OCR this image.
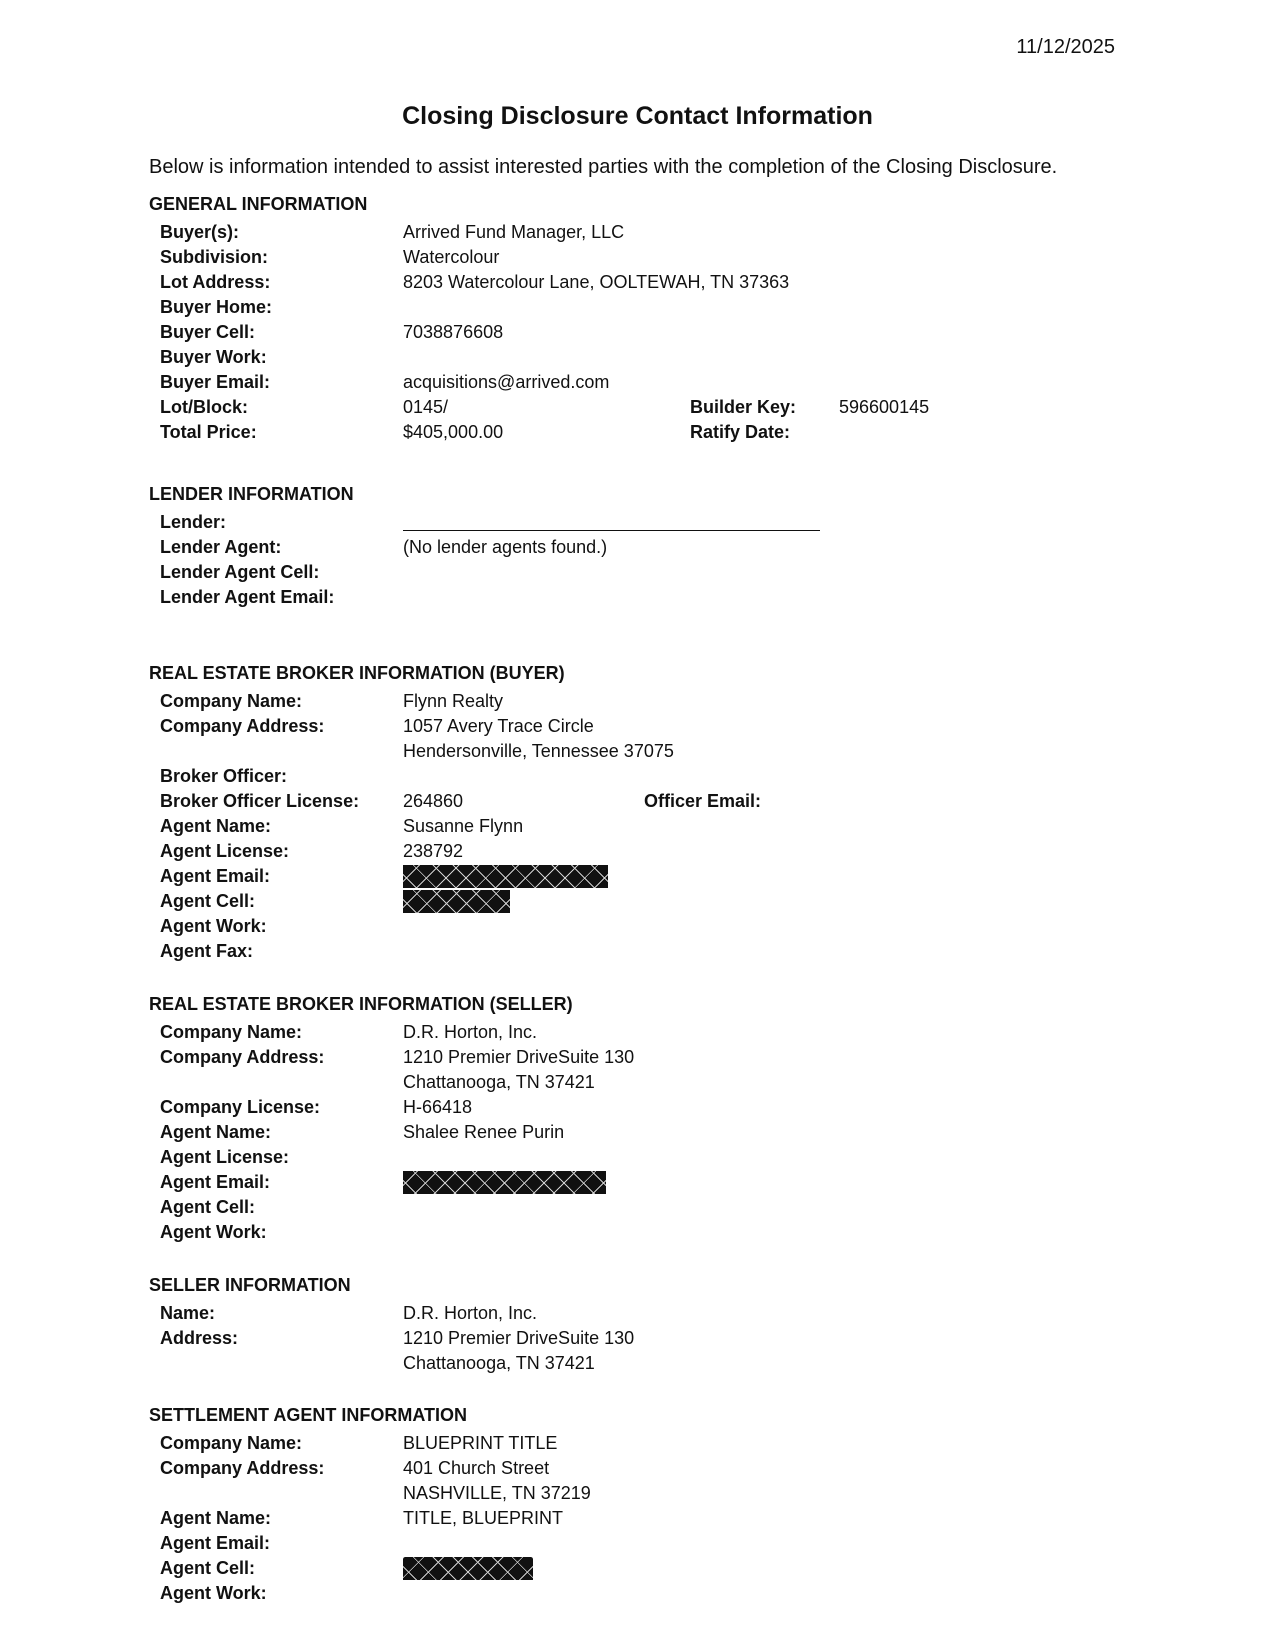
11/12/2025
Closing Disclosure Contact Information
Below is information intended to assist interested parties with the completion of the Closing Disclosure.
GENERAL INFORMATION
Buyer(s):	Arrived Fund Manager, LLC
Subdivision:	Watercolour
Lot Address:	8203 Watercolour Lane, OOLTEWAH, TN 37363
Buyer Home:
Buyer Cell:	7038876608
Buyer Work:
Buyer Email:	acquisitions@arrived.com
Lot/Block:	0145/	Builder Key: 596600145
Total Price:	$405,000.00	Ratify Date:
LENDER INFORMATION
Lender:
Lender Agent:	(No lender agents found.)
Lender Agent Cell:
Lender Agent Email:
REAL ESTATE BROKER INFORMATION (BUYER)
Company Name:	Flynn Realty
Company Address:	1057 Avery Trace Circle
Hendersonville, Tennessee 37075
Broker Officer:
Broker Officer License: 264860	Officer Email:
Agent Name:	Susanne Flynn
Agent License:	238792
Agent Email:
Agent Cell:
Agent Work:
Agent Fax:
REAL ESTATE BROKER INFORMATION (SELLER)
Company Name:	D.R. Horton, Inc.
Company Address:	1210 Premier DriveSuite 130
Chattanooga, TN 37421
Company License:	H-66418
Agent Name:	Shalee Renee Purin
Agent License:
Agent Email:
Agent Cell:
Agent Work:
SELLER INFORMATION
Name:	D.R. Horton, Inc.
Address:	1210 Premier DriveSuite 130
Chattanooga, TN 37421
SETTLEMENT AGENT INFORMATION
Company Name:	BLUEPRINT TITLE
Company Address:	401 Church Street
NASHVILLE, TN 37219
Agent Name:	TITLE, BLUEPRINT
Agent Email:
Agent Cell:
Agent Work:
